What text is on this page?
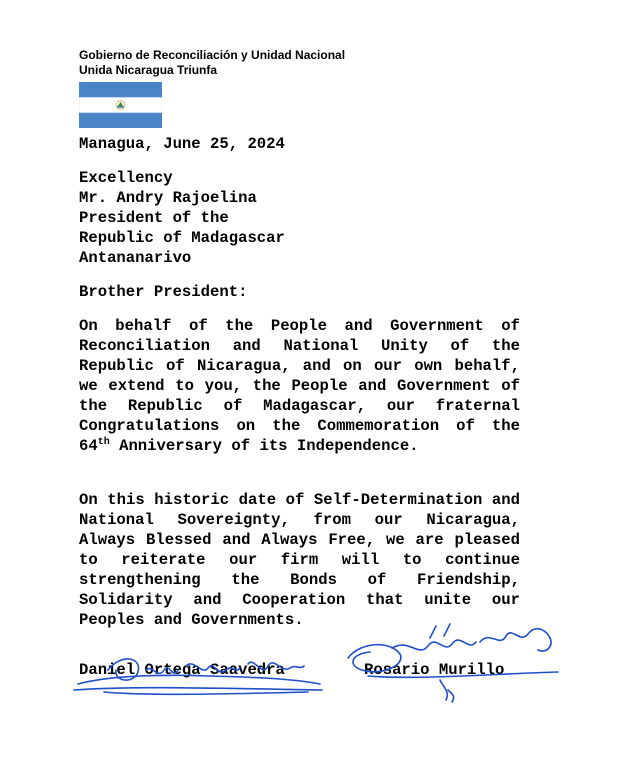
Gobierno de Reconciliación y Unidad Nacional
Unida Nicaragua Triunfa
Managua, June 25, 2024
Excellency
Mr. Andry Rajoelina
President of the
Republic of Madagascar
Antananarivo
Brother President:
On behalf of the People and Government of Reconciliation and National Unity of the Republic of Nicaragua, and on our own behalf, we extend to you, the People and Government of the Republic of Madagascar, our fraternal Congratulations on the Commemoration of the 64th Anniversary of its Independence.
On this historic date of Self-Determination and National Sovereignty, from our Nicaragua, Always Blessed and Always Free, we are pleased to reiterate our firm will to continue strengthening the Bonds of Friendship, Solidarity and Cooperation that unite our Peoples and Governments.
Daniel Ortega Saavedra	Rosario Murillo
